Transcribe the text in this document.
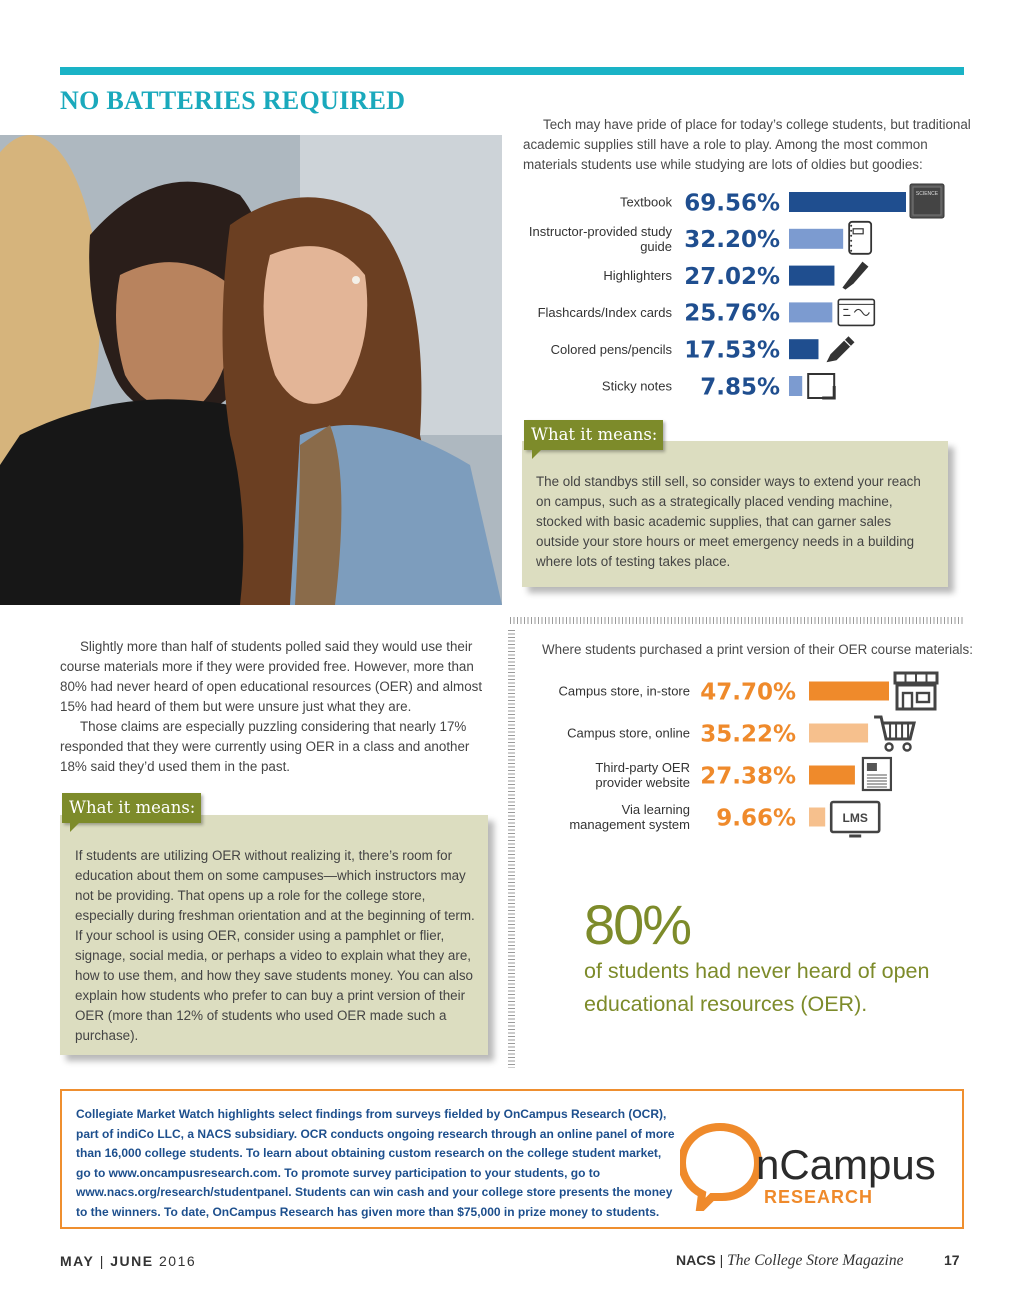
NO BATTERIES REQUIRED

Tech may have pride of place for today’s college students, but traditional academic supplies still have a role to play. Among the most common materials students use while studying are lots of oldies but goodies:

Textbook 69.56%	SCIENCE
Instructor-provided study
guide 32.20%
Highlighters 27.02%
Flashcards/Index cards 25.76%
Colored pens/pencils 17.53%
Sticky notes 7.85%
What it means:

The old standbys still sell, so consider ways to extend your reach on campus, such as a strategically placed vending machine, stocked with basic academic supplies, that can garner sales outside your store hours or meet emergency needs in a building where lots of testing takes place.

Slightly more than half of students polled said they would use their course materials more if they were provided free. However, more than 80% had never heard of open educational resources (OER) and almost 15% had heard of them but were unsure just what they are.

Those claims are especially puzzling considering that nearly 17% responded that they were currently using OER in a class and another 18% said they’d used them in the past.

What it means:

If students are utilizing OER without realizing it, there’s room for education about them on some campuses—which instructors may not be providing. That opens up a role for the college store, especially during freshman orientation and at the beginning of term. If your school is using OER, consider using a pamphlet or flier, signage, social media, or perhaps a video to explain what they are, how to use them, and how they save students money. You can also explain how students who prefer to can buy a print version of their OER (more than 12% of students who used OER made such a purchase).

Where students purchased a print version of their OER course materials:
Campus store, in-store 47.70%
Campus store, online 35.22%
Third-party OER
provider website 27.38%
Via learning
management system 9.66%	LMS
80%
of students had never heard of open educational resources (OER).

Collegiate Market Watch highlights select findings from surveys fielded by OnCampus Research (OCR), part of indiCo LLC, a NACS subsidiary. OCR conducts ongoing research through an online panel of more than 16,000 college students. To learn about obtaining custom research on the college student market, go to www.oncampusresearch.com. To promote survey participation to your students, go to www.nacs.org/research/studentpanel. Students can win cash and your college store presents the money to the winners. To date, OnCampus Research has given more than $75,000 in prize money to students.

nCampus
RESEARCH
MAY | JUNE 2016	NACS | The College Store Magazine	17
